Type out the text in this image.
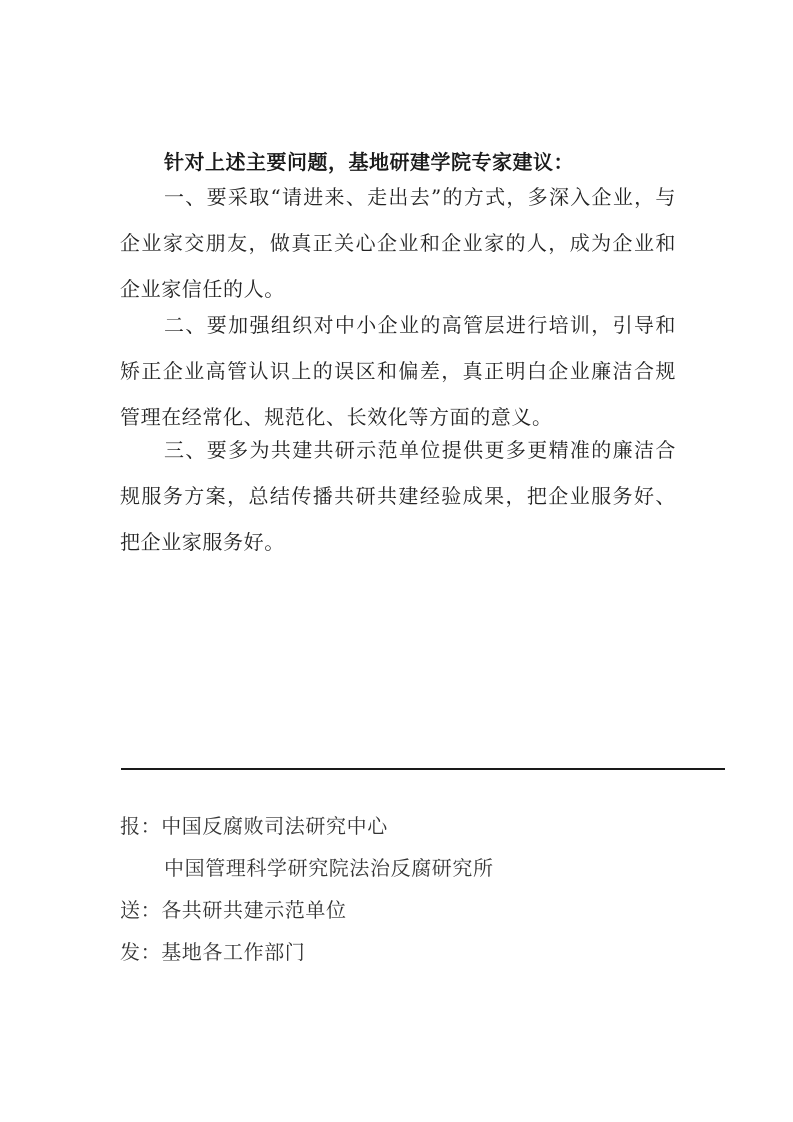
针对上述主要问题，基地研建学院专家建议：

一、要采取“请进来、走出去”的方式，多深入企业，与企业家交朋友，做真正关心企业和企业家的人，成为企业和企业家信任的人。

二、要加强组织对中小企业的高管层进行培训，引导和矫正企业高管认识上的误区和偏差，真正明白企业廉洁合规管理在经常化、规范化、长效化等方面的意义。

三、要多为共建共研示范单位提供更多更精准的廉洁合规服务方案，总结传播共研共建经验成果，把企业服务好、把企业家服务好。

报：中国反腐败司法研究中心
中国管理科学研究院法治反腐研究所
送：各共研共建示范单位
发：基地各工作部门
